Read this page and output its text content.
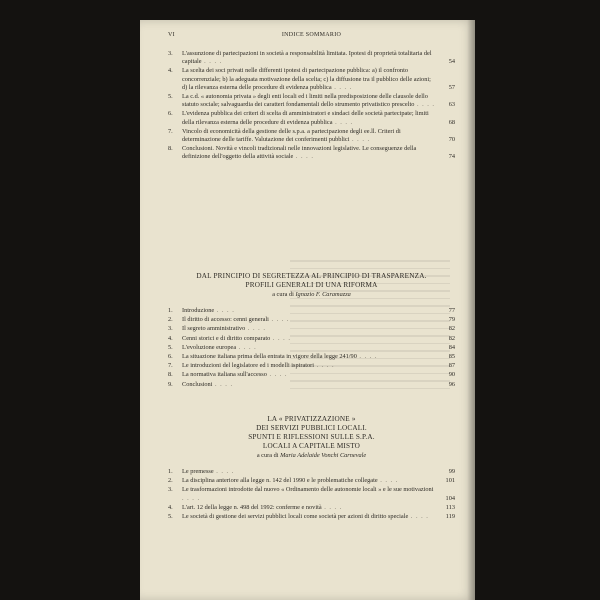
VI	INDICE SOMMARIO
3. L'assunzione di partecipazioni in società a responsabilità limitata. Ipotesi di proprietà totalitaria del capitale . . . .	54
4. La scelta dei soci privati nelle differenti ipotesi di partecipazione pubblica: a) il confronto concorrenziale; b) la adeguata motivazione della scelta; c) la diffusione tra il pubblico delle azioni; d) la rilevanza esterna delle procedure di evidenza pubblica . . . .	57
5. La c.d. « autonomia privata » degli enti locali ed i limiti nella predisposizione delle clausole dello statuto sociale; salvaguardia dei caratteri fondamentali dello strumento privatistico prescelto . . . . 63
6. L'evidenza pubblica dei criteri di scelta di amministratori e sindaci delle società partecipate; limiti della rilevanza esterna delle procedure di evidenza pubblica . . . .	68
7. Vincolo di economicità della gestione delle s.p.a. a partecipazione degli ee.ll. Criteri di determinazione delle tariffe. Valutazione dei conferimenti pubblici . . . .	70
8. Conclusioni. Novità e vincoli tradizionali nelle innovazioni legislative. Le conseguenze della definizione dell'oggetto della attività sociale . . . .	74
DAL PRINCIPIO DI SEGRETEZZA AL PRINCIPIO DI TRASPARENZA.
PROFILI GENERALI DI UNA RIFORMA
a cura di Ignazio F. Caramazza
1. Introduzione . . . .	77
2. Il diritto di accesso: cenni generali . . . .	79
3. Il segreto amministrativo . . . .	82
4. Cenni storici e di diritto comparato . . . .	82
5. L'evoluzione europea . . . .	84
6. La situazione italiana prima della entrata in vigore della legge 241/90 . . . .	85
7. Le introduzioni del legislatore ed i modelli ispiratori . . . .	87
8. La normativa italiana sull'accesso . . . .	90
9. Conclusioni . . . .	96
LA « PRIVATIZZAZIONE »
DEI SERVIZI PUBBLICI LOCALI.
SPUNTI E RIFLESSIONI SULLE S.P.A.
LOCALI A CAPITALE MISTO
a cura di Maria Adelaide Vonchi Carnevale
1. Le premesse . . . .	99
2. La disciplina anteriore alla legge n. 142 del 1990 e le problematiche collegate . . . .	101
3. Le trasformazioni introdotte dal nuovo « Ordinamento delle autonomie locali » e le sue motivazioni . . . .	104
4. L'art. 12 della legge n. 498 del 1992: conferme e novità . . . .	113
5. Le società di gestione dei servizi pubblici locali come società per azioni di diritto speciale . . . .	119
